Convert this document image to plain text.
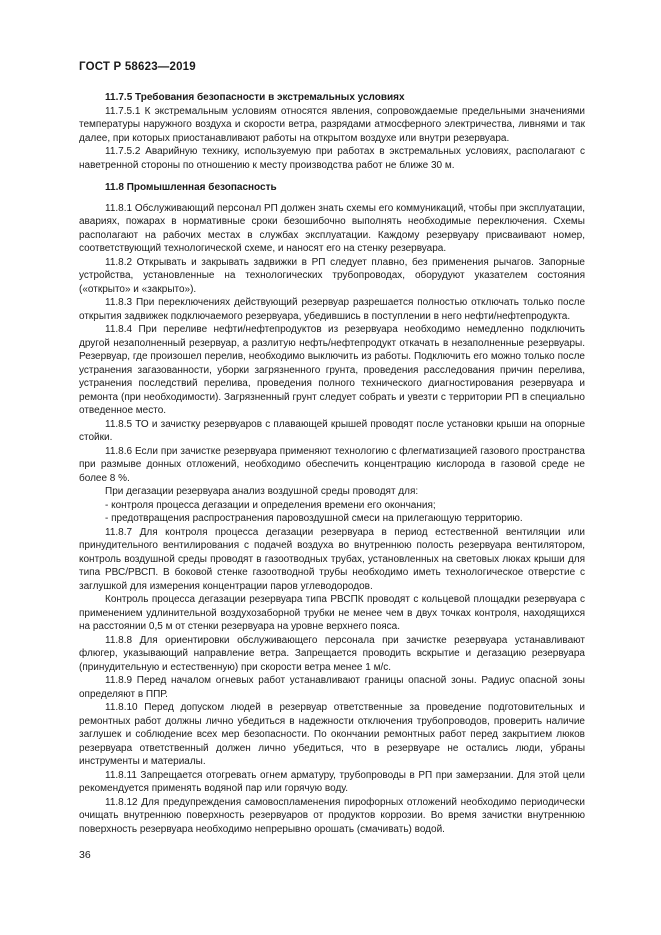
ГОСТ Р 58623—2019

11.7.5 Требования безопасности в экстремальных условиях

11.7.5.1 К экстремальным условиям относятся явления, сопровождаемые предельными значениями температуры наружного воздуха и скорости ветра, разрядами атмосферного электричества, ливнями и так далее, при которых приостанавливают работы на открытом воздухе или внутри резервуара.

11.7.5.2 Аварийную технику, используемую при работах в экстремальных условиях, располагают с наветренной стороны по отношению к месту производства работ не ближе 30 м.

11.8 Промышленная безопасность

11.8.1 Обслуживающий персонал РП должен знать схемы его коммуникаций, чтобы при эксплуатации, авариях, пожарах в нормативные сроки безошибочно выполнять необходимые переключения. Схемы располагают на рабочих местах в службах эксплуатации. Каждому резервуару присваивают номер, соответствующий технологической схеме, и наносят его на стенку резервуара.

11.8.2 Открывать и закрывать задвижки в РП следует плавно, без применения рычагов. Запорные устройства, установленные на технологических трубопроводах, оборудуют указателем состояния («открыто» и «закрыто»).

11.8.3 При переключениях действующий резервуар разрешается полностью отключать только после открытия задвижек подключаемого резервуара, убедившись в поступлении в него нефти/нефтепродукта.

11.8.4 При переливе нефти/нефтепродуктов из резервуара необходимо немедленно подключить другой незаполненный резервуар, а разлитую нефть/нефтепродукт откачать в незаполненные резервуары. Резервуар, где произошел перелив, необходимо выключить из работы. Подключить его можно только после устранения загазованности, уборки загрязненного грунта, проведения расследования причин перелива, устранения последствий перелива, проведения полного технического диагностирования резервуара и ремонта (при необходимости). Загрязненный грунт следует собрать и увезти с территории РП в специально отведенное место.

11.8.5 ТО и зачистку резервуаров с плавающей крышей проводят после установки крыши на опорные стойки.

11.8.6 Если при зачистке резервуара применяют технологию с флегматизацией газового пространства при размыве донных отложений, необходимо обеспечить концентрацию кислорода в газовой среде не более 8 %.

При дегазации резервуара анализ воздушной среды проводят для:

- контроля процесса дегазации и определения времени его окончания;

- предотвращения распространения паровоздушной смеси на прилегающую территорию.

11.8.7 Для контроля процесса дегазации резервуара в период естественной вентиляции или принудительного вентилирования с подачей воздуха во внутреннюю полость резервуара вентилятором, контроль воздушной среды проводят в газоотводных трубах, установленных на световых люках крыши для типа РВС/РВСП. В боковой стенке газоотводной трубы необходимо иметь технологическое отверстие с заглушкой для измерения концентрации паров углеводородов.

Контроль процесса дегазации резервуара типа РВСПК проводят с кольцевой площадки резервуара с применением удлинительной воздухозаборной трубки не менее чем в двух точках контроля, находящихся на расстоянии 0,5 м от стенки резервуара на уровне верхнего пояса.

11.8.8 Для ориентировки обслуживающего персонала при зачистке резервуара устанавливают флюгер, указывающий направление ветра. Запрещается проводить вскрытие и дегазацию резервуара (принудительную и естественную) при скорости ветра менее 1 м/с.

11.8.9 Перед началом огневых работ устанавливают границы опасной зоны. Радиус опасной зоны определяют в ППР.

11.8.10 Перед допуском людей в резервуар ответственные за проведение подготовительных и ремонтных работ должны лично убедиться в надежности отключения трубопроводов, проверить наличие заглушек и соблюдение всех мер безопасности. По окончании ремонтных работ перед закрытием люков резервуара ответственный должен лично убедиться, что в резервуаре не остались люди, убраны инструменты и материалы.

11.8.11 Запрещается отогревать огнем арматуру, трубопроводы в РП при замерзании. Для этой цели рекомендуется применять водяной пар или горячую воду.

11.8.12 Для предупреждения самовоспламенения пирофорных отложений необходимо периодически очищать внутреннюю поверхность резервуаров от продуктов коррозии. Во время зачистки внутреннюю поверхность резервуара необходимо непрерывно орошать (смачивать) водой.

36
